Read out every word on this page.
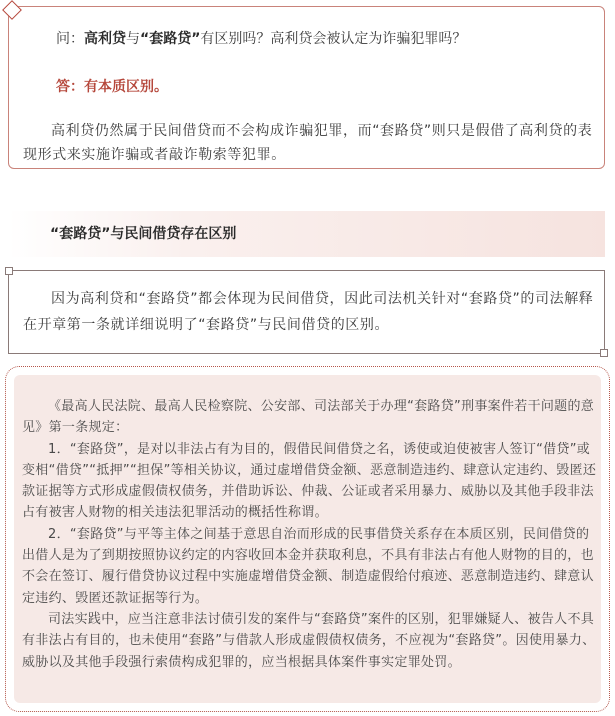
问：高利贷与“套路贷”有区别吗？高利贷会被认定为诈骗犯罪吗？
答：有本质区别。
高利贷仍然属于民间借贷而不会构成诈骗犯罪，而“套路贷”则只是假借了高利贷的表现形式来实施诈骗或者敲诈勒索等犯罪。
“套路贷”与民间借贷存在区别
因为高利贷和“套路贷”都会体现为民间借贷，因此司法机关针对“套路贷”的司法解释在开章第一条就详细说明了“套路贷”与民间借贷的区别。

《最高人民法院、最高人民检察院、公安部、司法部关于办理“套路贷”刑事案件若干问题的意见》第一条规定：

1．“套路贷”，是对以非法占有为目的，假借民间借贷之名，诱使或迫使被害人签订“借贷”或变相“借贷”“抵押”“担保”等相关协议，通过虚增借贷金额、恶意制造违约、肆意认定违约、毁匿还款证据等方式形成虚假债权债务，并借助诉讼、仲裁、公证或者采用暴力、威胁以及其他手段非法占有被害人财物的相关违法犯罪活动的概括性称谓。

2．“套路贷”与平等主体之间基于意思自治而形成的民事借贷关系存在本质区别，民间借贷的出借人是为了到期按照协议约定的内容收回本金并获取利息，不具有非法占有他人财物的目的，也不会在签订、履行借贷协议过程中实施虚增借贷金额、制造虚假给付痕迹、恶意制造违约、肆意认定违约、毁匿还款证据等行为。

司法实践中，应当注意非法讨债引发的案件与“套路贷”案件的区别，犯罪嫌疑人、被告人不具有非法占有目的，也未使用“套路”与借款人形成虚假债权债务，不应视为“套路贷”。因使用暴力、威胁以及其他手段强行索债构成犯罪的，应当根据具体案件事实定罪处罚。
